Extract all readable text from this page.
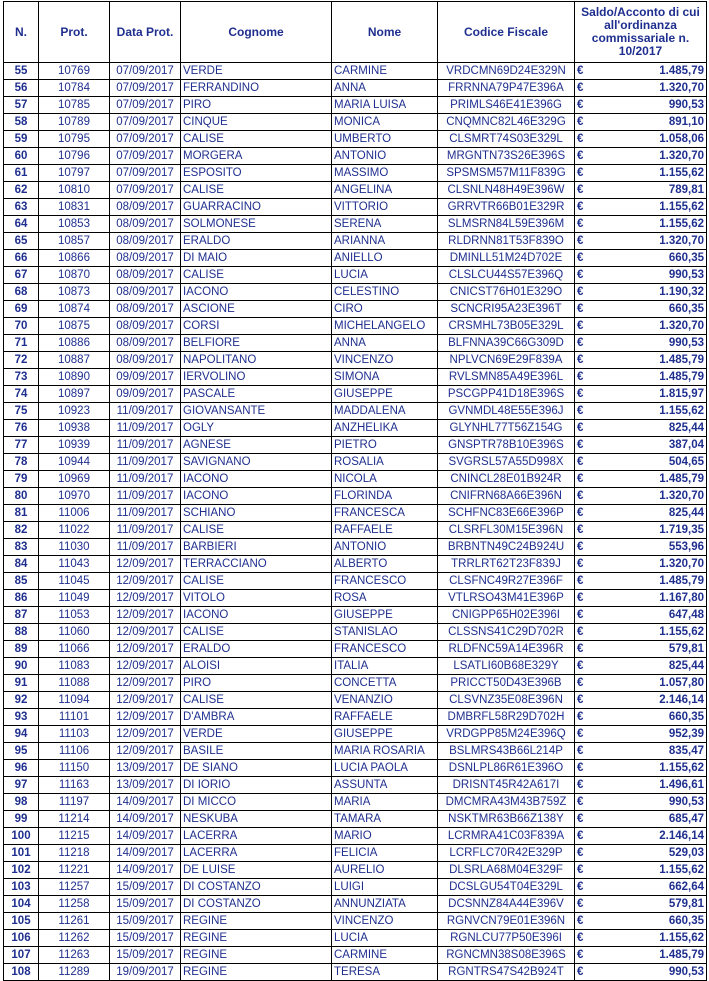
N.	Prot.	Data Prot.	Cognome	Nome	Codice Fiscale	Saldo/Acconto di cui all'ordinanza commissariale n. 10/2017
55	10769	07/09/2017	VERDE	CARMINE	VRDCMN69D24E329N	€ 1.485,79

56	10784	07/09/2017	FERRANDINO	ANNA	FRRNNA79P47E396A	€ 1.320,70

57	10785	07/09/2017	PIRO	MARIA LUISA	PRIMLS46E41E396G	€ 990,53

58	10789	07/09/2017	CINQUE	MONICA	CNQMNC82L46E329G	€ 891,10

59	10795	07/09/2017	CALISE	UMBERTO	CLSMRT74S03E329L	€ 1.058,06

60	10796	07/09/2017	MORGERA	ANTONIO	MRGNTN73S26E396S	€ 1.320,70

61	10797	07/09/2017	ESPOSITO	MASSIMO	SPSMSM57M11F839G	€ 1.155,62

62	10810	07/09/2017	CALISE	ANGELINA	CLSNLN48H49E396W	€ 789,81

63	10831	08/09/2017	GUARRACINO	VITTORIO	GRRVTR66B01E329R	€ 1.155,62

64	10853	08/09/2017	SOLMONESE	SERENA	SLMSRN84L59E396M	€ 1.155,62

65	10857	08/09/2017	ERALDO	ARIANNA	RLDRNN81T53F839O	€ 1.320,70

66	10866	08/09/2017	DI MAIO	ANIELLO	DMINLL51M24D702E	€ 660,35

67	10870	08/09/2017	CALISE	LUCIA	CLSLCU44S57E396Q	€ 990,53

68	10873	08/09/2017	IACONO	CELESTINO	CNICST76H01E329O	€ 1.190,32

69	10874	08/09/2017	ASCIONE	CIRO	SCNCRI95A23E396T	€ 660,35

70	10875	08/09/2017	CORSI	MICHELANGELO	CRSMHL73B05E329L	€ 1.320,70

71	10886	08/09/2017	BELFIORE	ANNA	BLFNNA39C66G309D	€ 990,53

72	10887	08/09/2017	NAPOLITANO	VINCENZO	NPLVCN69E29F839A	€ 1.485,79

73	10890	09/09/2017	IERVOLINO	SIMONA	RVLSMN85A49E396L	€ 1.485,79

74	10897	09/09/2017	PASCALE	GIUSEPPE	PSCGPP41D18E396S	€ 1.815,97

75	10923	11/09/2017	GIOVANSANTE	MADDALENA	GVNMDL48E55E396J	€ 1.155,62

76	10938	11/09/2017	OGLY	ANZHELIKA	GLYNHL77T56Z154G	€ 825,44

77	10939	11/09/2017	AGNESE	PIETRO	GNSPTR78B10E396S	€ 387,04

78	10944	11/09/2017	SAVIGNANO	ROSALIA	SVGRSL57A55D998X	€ 504,65

79	10969	11/09/2017	IACONO	NICOLA	CNINCL28E01B924R	€ 1.485,79

80	10970	11/09/2017	IACONO	FLORINDA	CNIFRN68A66E396N	€ 1.320,70

81	11006	11/09/2017	SCHIANO	FRANCESCA	SCHFNC83E66E396P	€ 825,44

82	11022	11/09/2017	CALISE	RAFFAELE	CLSRFL30M15E396N	€ 1.719,35

83	11030	11/09/2017	BARBIERI	ANTONIO	BRBNTN49C24B924U	€ 553,96

84	11043	12/09/2017	TERRACCIANO	ALBERTO	TRRLRT62T23F839J	€ 1.320,70

85	11045	12/09/2017	CALISE	FRANCESCO	CLSFNC49R27E396F	€ 1.485,79

86	11049	12/09/2017	VITOLO	ROSA	VTLRSO43M41E396P	€ 1.167,80

87	11053	12/09/2017	IACONO	GIUSEPPE	CNIGPP65H02E396I	€ 647,48

88	11060	12/09/2017	CALISE	STANISLAO	CLSSNS41C29D702R	€ 1.155,62

89	11066	12/09/2017	ERALDO	FRANCESCO	RLDFNC59A14E396R	€ 579,81

90	11083	12/09/2017	ALOISI	ITALIA	LSATLI60B68E329Y	€ 825,44

91	11088	12/09/2017	PIRO	CONCETTA	PRICCT50D43E396B	€ 1.057,80

92	11094	12/09/2017	CALISE	VENANZIO	CLSVNZ35E08E396N	€ 2.146,14

93	11101	12/09/2017	D'AMBRA	RAFFAELE	DMBRFL58R29D702H	€ 660,35

94	11103	12/09/2017	VERDE	GIUSEPPE	VRDGPP85M24E396Q	€ 952,39

95	11106	12/09/2017	BASILE	MARIA ROSARIA	BSLMRS43B66L214P	€ 835,47

96	11150	13/09/2017	DE SIANO	LUCIA PAOLA	DSNLPL86R61E396O	€ 1.155,62

97	11163	13/09/2017	DI IORIO	ASSUNTA	DRISNT45R42A617I	€ 1.496,61

98	11197	14/09/2017	DI MICCO	MARIA	DMCMRA43M43B759Z	€ 990,53

99	11214	14/09/2017	NESKUBA	TAMARA	NSKTMR63B66Z138Y	€ 685,47

100	11215	14/09/2017	LACERRA	MARIO	LCRMRA41C03F839A	€ 2.146,14

101	11218	14/09/2017	LACERRA	FELICIA	LCRFLC70R42E329P	€ 529,03

102	11221	14/09/2017	DE LUISE	AURELIO	DLSRLA68M04E329F	€ 1.155,62

103	11257	15/09/2017	DI COSTANZO	LUIGI	DCSLGU54T04E329L	€ 662,64

104	11258	15/09/2017	DI COSTANZO	ANNUNZIATA	DCSNNZ84A44E396V	€ 579,81

105	11261	15/09/2017	REGINE	VINCENZO	RGNVCN79E01E396N	€ 660,35

106	11262	15/09/2017	REGINE	LUCIA	RGNLCU77P50E396I	€ 1.155,62

107	11263	15/09/2017	REGINE	CARMINE	RGNCMN38S08E396S	€ 1.485,79

108	11289	19/09/2017	REGINE	TERESA	RGNTRS47S42B924T	€ 990,53
